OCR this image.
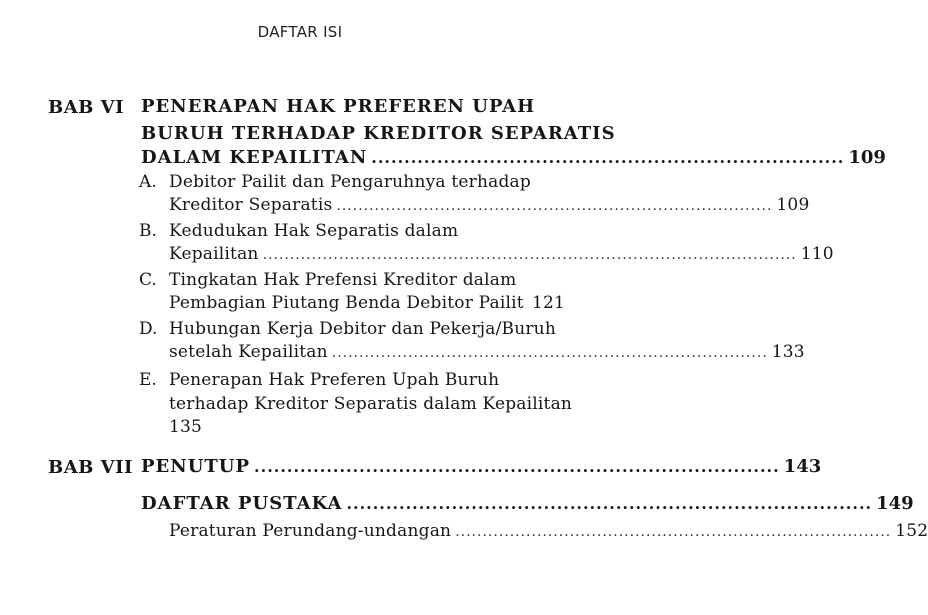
DAFTAR ISI
BAB VI PENERAPAN HAK PREFEREN UPAH
BURUH TERHADAP KREDITOR SEPARATIS
DALAM KEPAILITAN ........................................................................ 109
A. Debitor Pailit dan Pengaruhnya terhadap
Kreditor Separatis ................................................................................ 109
B. Kedudukan Hak Separatis dalam
Kepailitan .................................................................................................. 110
C. Tingkatan Hak Prefensi Kreditor dalam
Pembagian Piutang Benda Debitor Pailit 121
D. Hubungan Kerja Debitor dan Pekerja/Buruh
setelah Kepailitan ................................................................................ 133
E. Penerapan Hak Preferen Upah Buruh
terhadap Kreditor Separatis dalam Kepailitan
135
BAB VII PENUTUP ................................................................................ 143
DAFTAR PUSTAKA ................................................................................ 149
Peraturan Perundang-undangan ................................................................................ 152
